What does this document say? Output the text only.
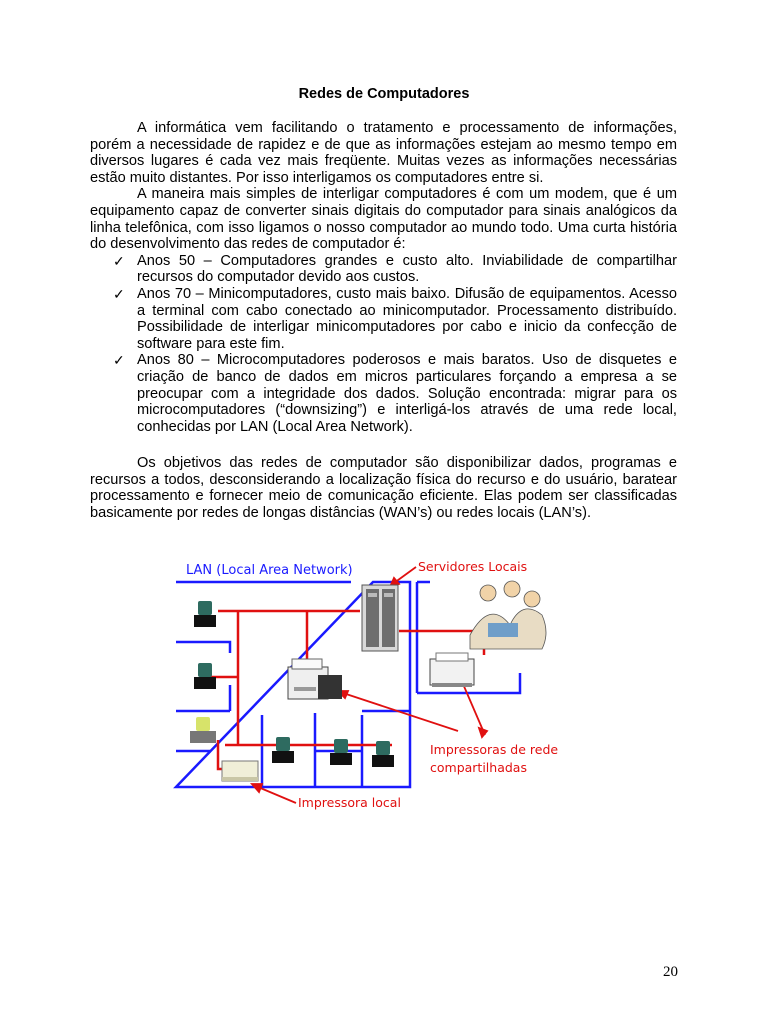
Redes de Computadores

A informática vem facilitando o tratamento e processamento de informações, porém a necessidade de rapidez e de que as informações estejam ao mesmo tempo em diversos lugares é cada vez mais freqüente. Muitas vezes as informações necessárias estão muito distantes. Por isso interligamos os computadores entre si.

A maneira mais simples de interligar computadores é com um modem, que é um equipamento capaz de converter sinais digitais do computador para sinais analógicos da linha telefônica, com isso ligamos o nosso computador ao mundo todo. Uma curta história do desenvolvimento das redes de computador é:

✓ Anos 50 – Computadores grandes e custo alto. Inviabilidade de compartilhar recursos do computador devido aos custos.
✓ Anos 70 – Minicomputadores, custo mais baixo. Difusão de equipamentos. Acesso a terminal com cabo conectado ao minicomputador. Processamento distribuído. Possibilidade de interligar minicomputadores por cabo e inicio da confecção de software para este fim.
✓ Anos 80 – Microcomputadores poderosos e mais baratos. Uso de disquetes e criação de banco de dados em micros particulares forçando a empresa a se preocupar com a integridade dos dados. Solução encontrada: migrar para os microcomputadores (“downsizing”) e interligá-los através de uma rede local, conhecidas por LAN (Local Area Network).

Os objetivos das redes de computador são disponibilizar dados, programas e recursos a todos, desconsiderando a localização física do recurso e do usuário, baratear processamento e fornecer meio de comunicação eficiente. Elas podem ser classificadas basicamente por redes de longas distâncias (WAN’s) ou redes locais (LAN’s).

LAN (Local Area Network)	Servidores Locais
Impressoras de rede
compartilhadas
Impressora local
20
